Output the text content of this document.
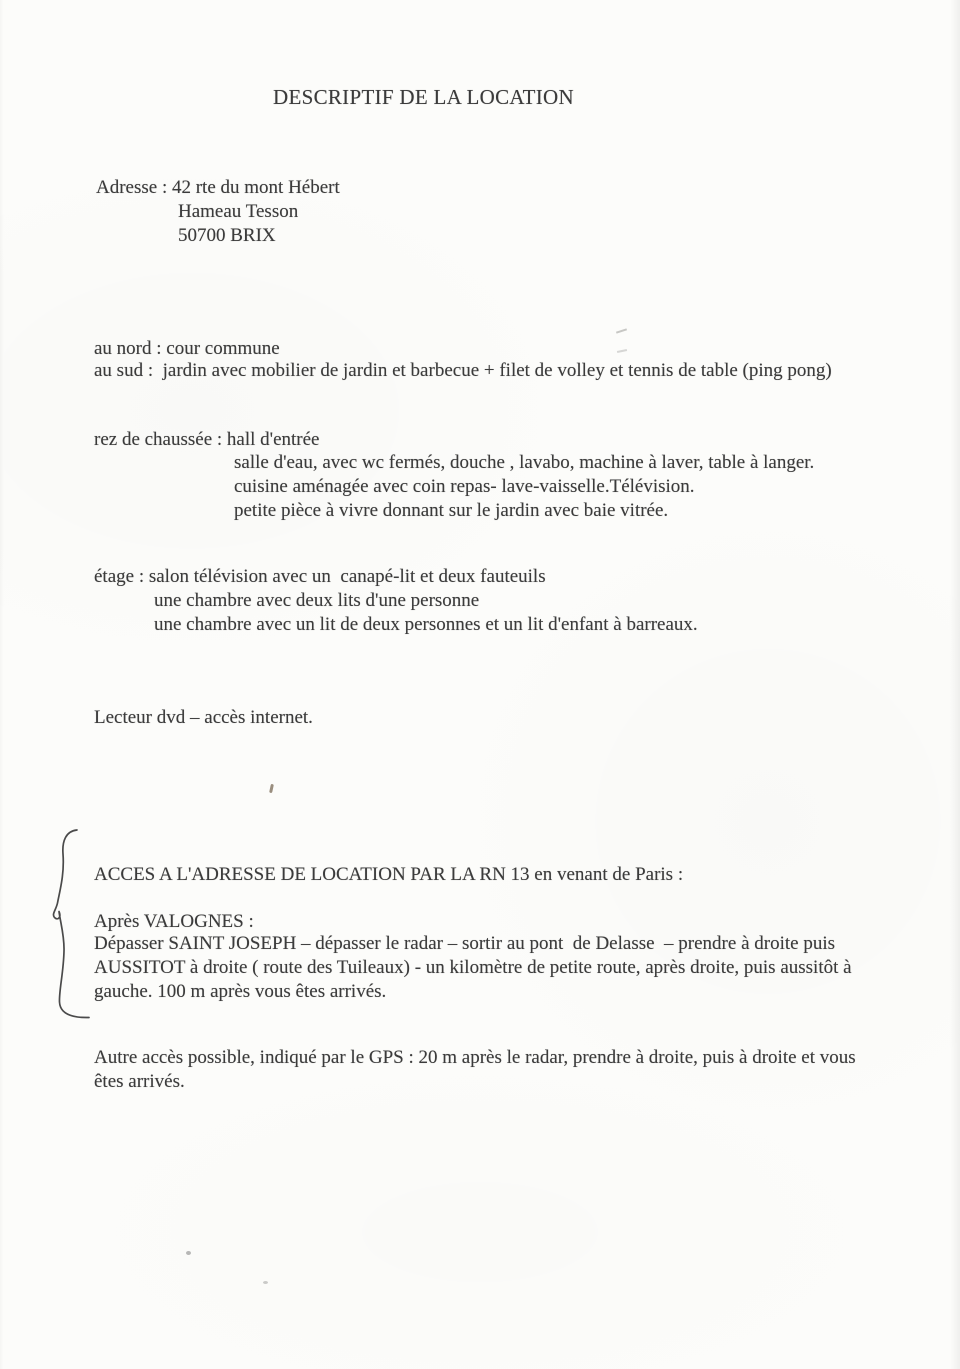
DESCRIPTIF DE LA LOCATION
Adresse : 42 rte du mont Hébert
Hameau Tesson
50700 BRIX
au nord : cour commune
au sud :  jardin avec mobilier de jardin et barbecue + filet de volley et tennis de table (ping pong)
rez de chaussée : hall d'entrée
salle d'eau, avec wc fermés, douche , lavabo, machine à laver, table à langer.
cuisine aménagée avec coin repas- lave-vaisselle.Télévision.
petite pièce à vivre donnant sur le jardin avec baie vitrée.
étage : salon télévision avec un  canapé-lit et deux fauteuils
une chambre avec deux lits d'une personne
une chambre avec un lit de deux personnes et un lit d'enfant à barreaux.
Lecteur dvd – accès internet.
ACCES A L'ADRESSE DE LOCATION PAR LA RN 13 en venant de Paris :
Après VALOGNES :
Dépasser SAINT JOSEPH – dépasser le radar – sortir au pont  de Delasse  – prendre à droite puis
AUSSITOT à droite ( route des Tuileaux) - un kilomètre de petite route, après droite, puis aussitôt à
gauche. 100 m après vous êtes arrivés.
Autre accès possible, indiqué par le GPS : 20 m après le radar, prendre à droite, puis à droite et vous
êtes arrivés.
